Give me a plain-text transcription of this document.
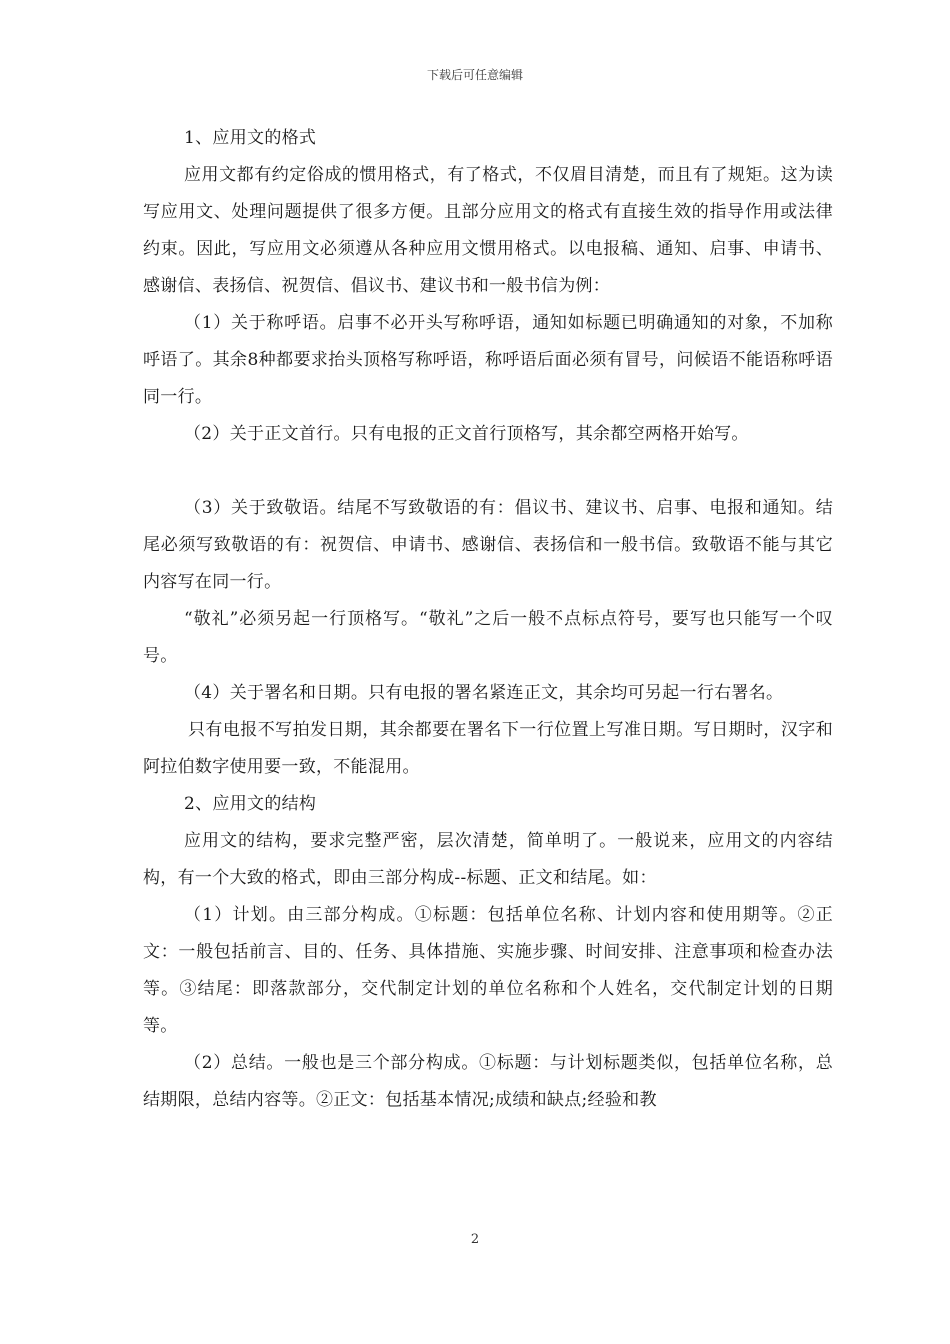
下载后可任意编辑

1、应用文的格式

应用文都有约定俗成的惯用格式，有了格式，不仅眉目清楚，而且有了规矩。这为读写应用文、处理问题提供了很多方便。且部分应用文的格式有直接生效的指导作用或法律约束。因此，写应用文必须遵从各种应用文惯用格式。以电报稿、通知、启事、申请书、感谢信、表扬信、祝贺信、倡议书、建议书和一般书信为例：

（1）关于称呼语。启事不必开头写称呼语，通知如标题已明确通知的对象，不加称呼语了。其余8种都要求抬头顶格写称呼语，称呼语后面必须有冒号，问候语不能语称呼语同一行。

（2）关于正文首行。只有电报的正文首行顶格写，其余都空两格开始写。

（3）关于致敬语。结尾不写致敬语的有：倡议书、建议书、启事、电报和通知。结尾必须写致敬语的有：祝贺信、申请书、感谢信、表扬信和一般书信。致敬语不能与其它内容写在同一行。

“敬礼”必须另起一行顶格写。“敬礼”之后一般不点标点符号，要写也只能写一个叹号。

（4）关于署名和日期。只有电报的署名紧连正文，其余均可另起一行右署名。

只有电报不写拍发日期，其余都要在署名下一行位置上写准日期。写日期时，汉字和阿拉伯数字使用要一致，不能混用。

2、应用文的结构

应用文的结构，要求完整严密，层次清楚，简单明了。一般说来，应用文的内容结构，有一个大致的格式，即由三部分构成--标题、正文和结尾。如：

（1）计划。由三部分构成。①标题：包括单位名称、计划内容和使用期等。②正文：一般包括前言、目的、任务、具体措施、实施步骤、时间安排、注意事项和检查办法等。③结尾：即落款部分，交代制定计划的单位名称和个人姓名，交代制定计划的日期等。

（2）总结。一般也是三个部分构成。①标题：与计划标题类似，包括单位名称，总结期限，总结内容等。②正文：包括基本情况;成绩和缺点;经验和教

2
